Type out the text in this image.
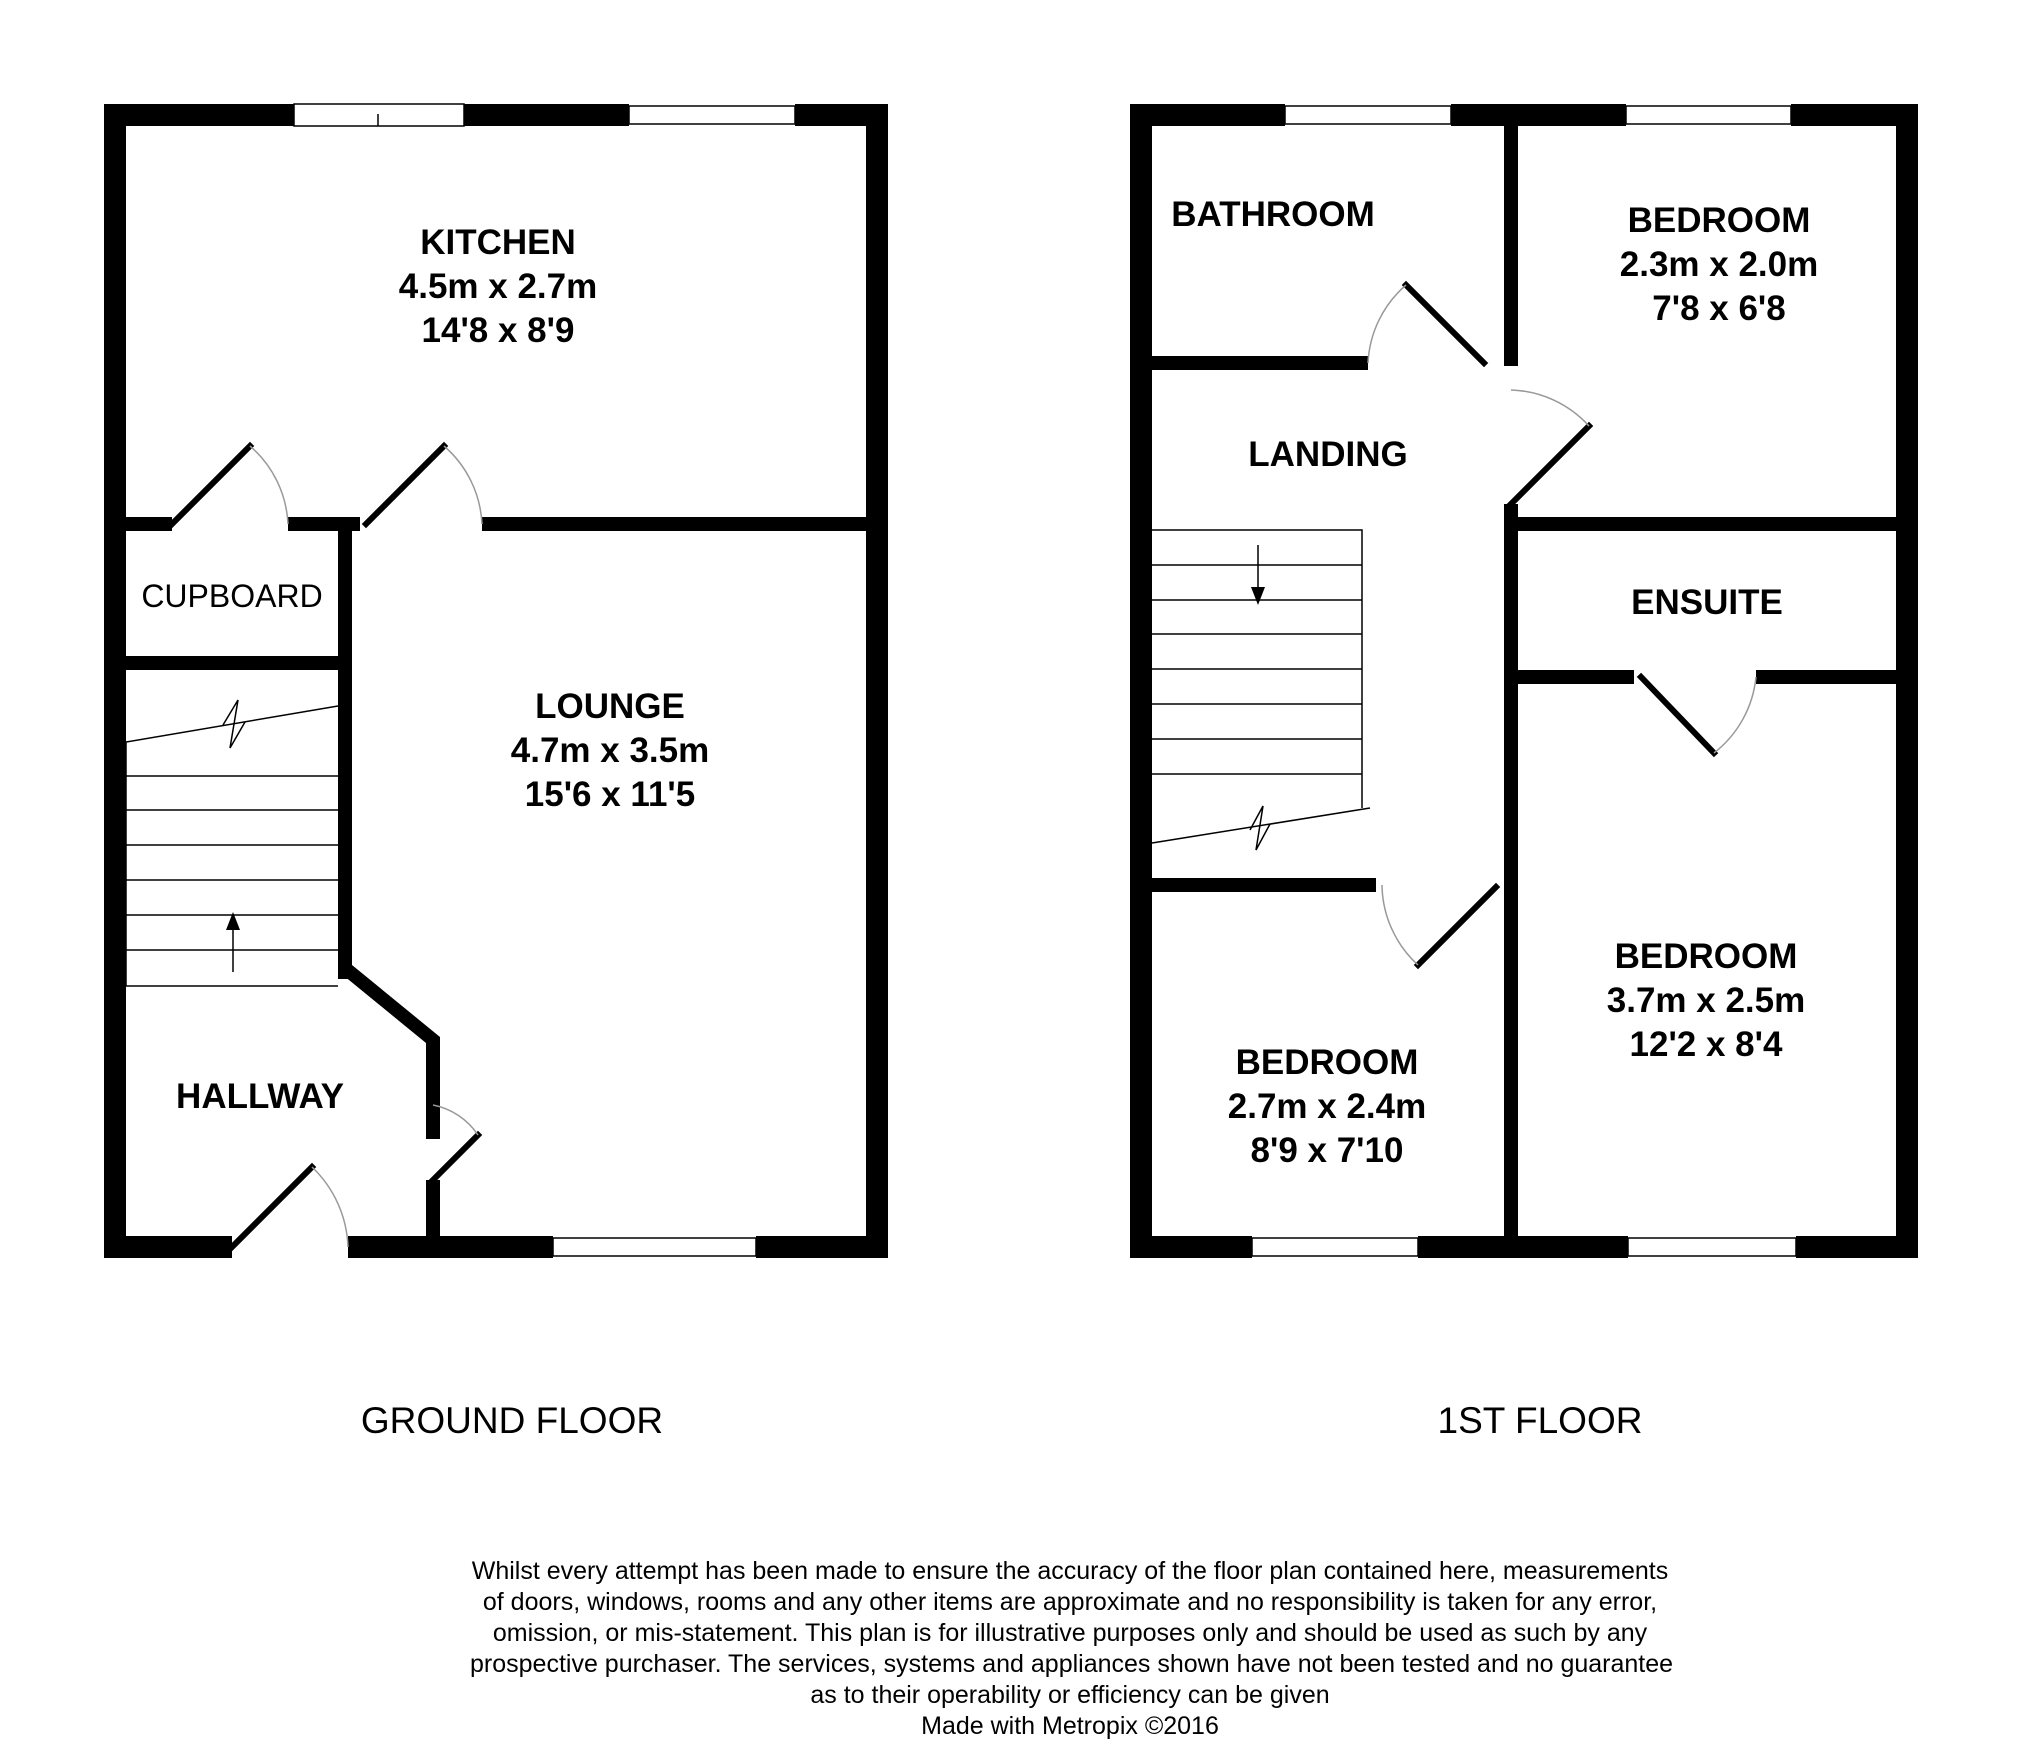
KITCHEN
4.5m x 2.7m
14'8 x 8'9
LOUNGE
4.7m x 3.5m
15'6 x 11'5
CUPBOARD
HALLWAY
GROUND FLOOR
BATHROOM	BEDROOM
2.3m x 2.0m
7'8 x 6'8
LANDING
ENSUITE
BEDROOM
3.7m x 2.5m
12'2 x 8'4
BEDROOM
2.7m x 2.4m
8'9 x 7'10
1ST FLOOR
Whilst every attempt has been made to ensure the accuracy of the floor plan contained here, measurements
of doors, windows, rooms and any other items are approximate and no responsibility is taken for any error,
omission, or mis-statement. This plan is for illustrative purposes only and should be used as such by any
prospective purchaser. The services, systems and appliances shown have not been tested and no guarantee
as to their operability or efficiency can be given
Made with Metropix ©2016
